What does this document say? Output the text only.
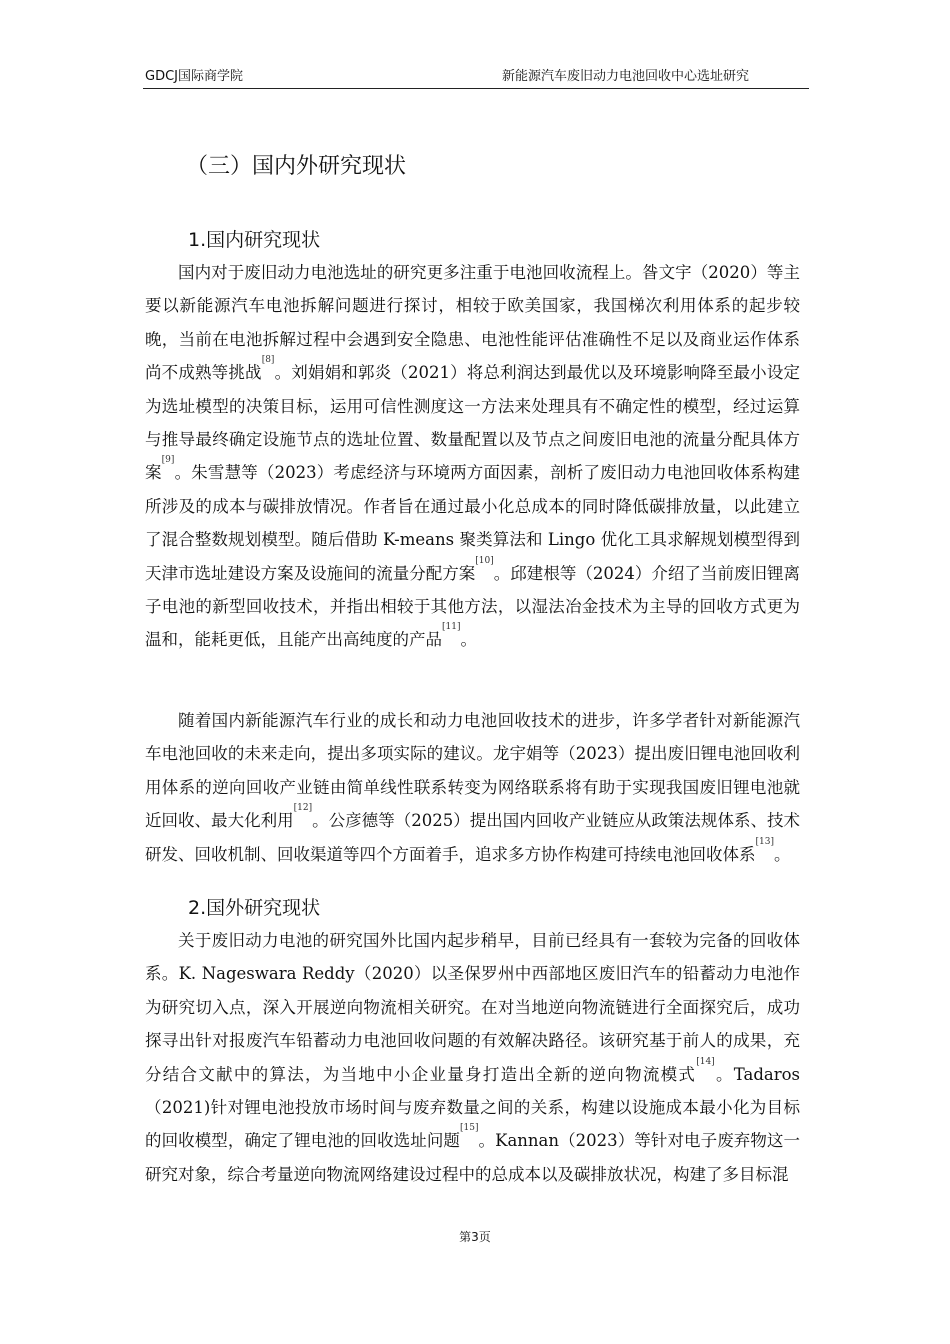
GDCJ国际商学院	新能源汽车废旧动力电池回收中心选址研究
（三）国内外研究现状
1.国内研究现状

国内对于废旧动力电池选址的研究更多注重于电池回收流程上。昝文宇（2020）等主要以新能源汽车电池拆解问题进行探讨，相较于欧美国家，我国梯次利用体系的起步较晚，当前在电池拆解过程中会遇到安全隐患、电池性能评估准确性不足以及商业运作体系尚不成熟等挑战[8]。刘娟娟和郭炎（2021）将总利润达到最优以及环境影响降至最小设定为选址模型的决策目标，运用可信性测度这一方法来处理具有不确定性的模型，经过运算与推导最终确定设施节点的选址位置、数量配置以及节点之间废旧电池的流量分配具体方案[9]。朱雪慧等（2023）考虑经济与环境两方面因素，剖析了废旧动力电池回收体系构建所涉及的成本与碳排放情况。作者旨在通过最小化总成本的同时降低碳排放量，以此建立了混合整数规划模型。随后借助 K-means 聚类算法和 Lingo 优化工具求解规划模型得到天津市选址建设方案及设施间的流量分配方案[10]。邱建根等（2024）介绍了当前废旧锂离子电池的新型回收技术，并指出相较于其他方法，以湿法冶金技术为主导的回收方式更为温和，能耗更低，且能产出高纯度的产品[11]。

随着国内新能源汽车行业的成长和动力电池回收技术的进步，许多学者针对新能源汽车电池回收的未来走向，提出多项实际的建议。龙宇娟等（2023）提出废旧锂电池回收利用体系的逆向回收产业链由简单线性联系转变为网络联系将有助于实现我国废旧锂电池就近回收、最大化利用[12]。公彦德等（2025）提出国内回收产业链应从政策法规体系、技术研发、回收机制、回收渠道等四个方面着手，追求多方协作构建可持续电池回收体系[13]。

2.国外研究现状

关于废旧动力电池的研究国外比国内起步稍早，目前已经具有一套较为完备的回收体系。K. Nageswara Reddy（2020）以圣保罗州中西部地区废旧汽车的铅蓄动力电池作为研究切入点，深入开展逆向物流相关研究。在对当地逆向物流链进行全面探究后，成功探寻出针对报废汽车铅蓄动力电池回收问题的有效解决路径。该研究基于前人的成果，充分结合文献中的算法，为当地中小企业量身打造出全新的逆向物流模式[14]。Tadaros（2021)针对锂电池投放市场时间与废弃数量之间的关系，构建以设施成本最小化为目标的回收模型，确定了锂电池的回收选址问题[15]。Kannan（2023）等针对电子废弃物这一研究对象，综合考量逆向物流网络建设过程中的总成本以及碳排放状况，构建了多目标混

第3页
